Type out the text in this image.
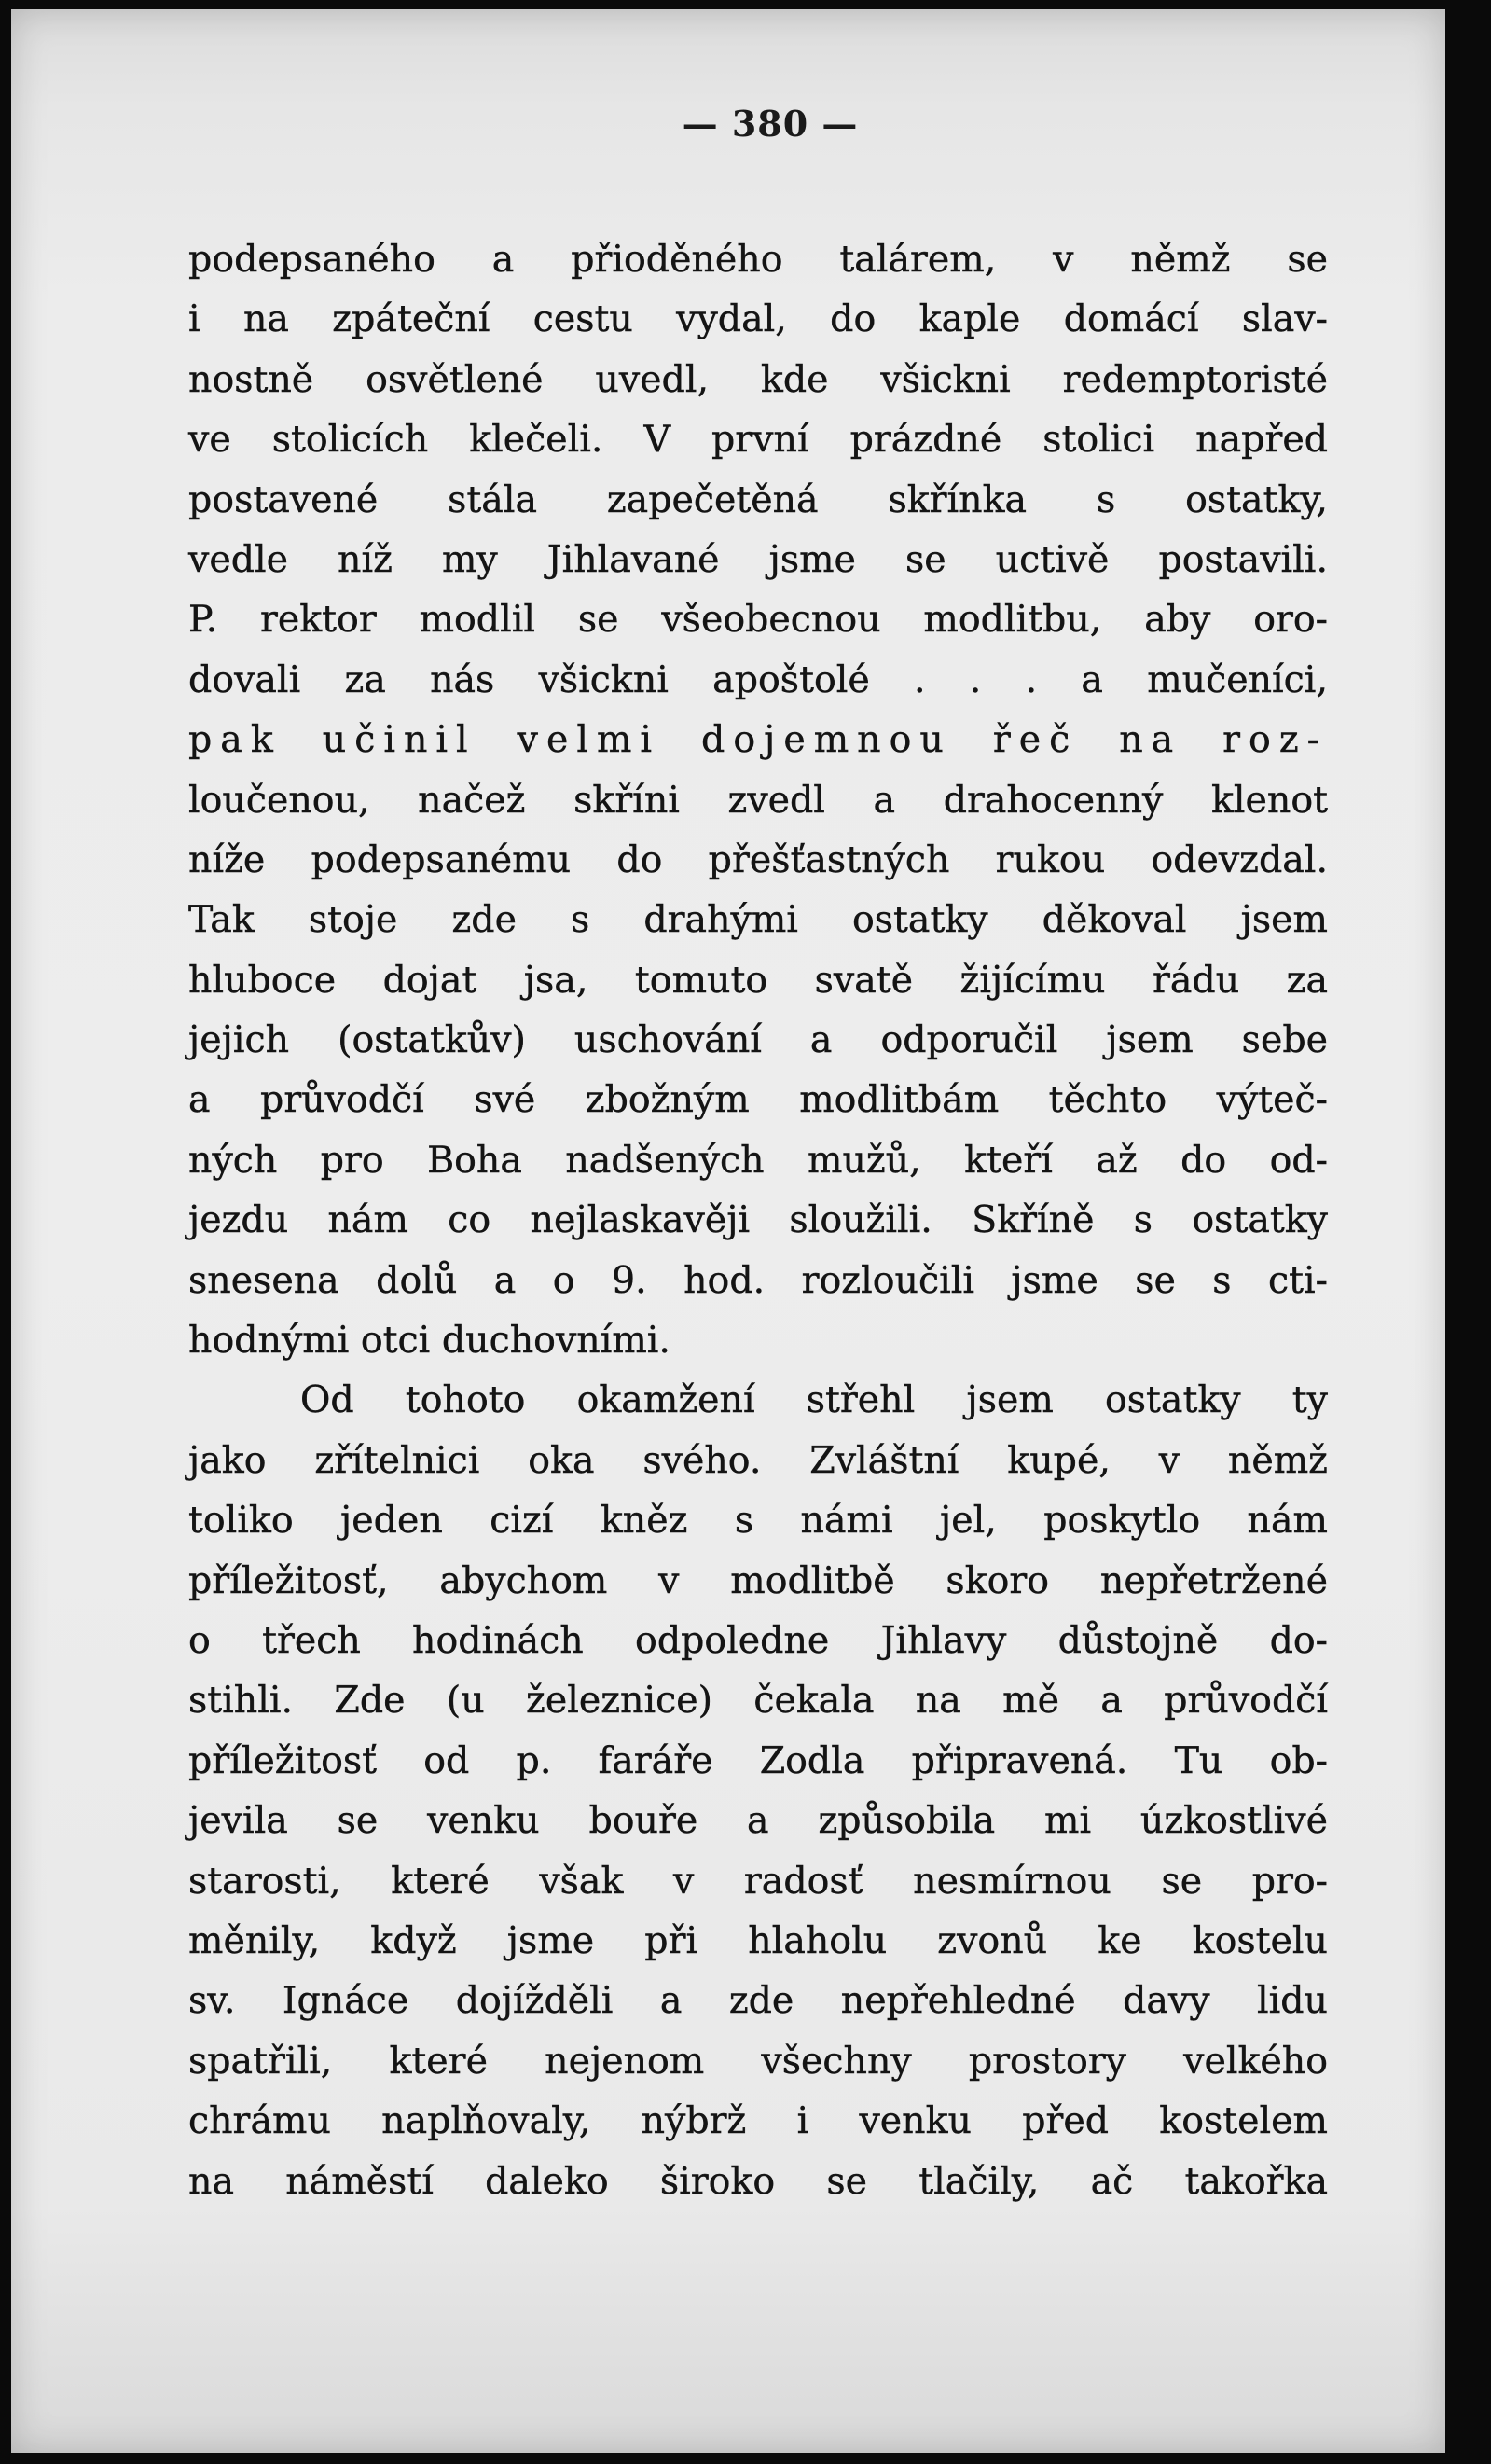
— 380 —
podepsaného a přioděného talárem, v němž se
i na zpáteční cestu vydal, do kaple domácí slav-
nostně osvětlené uvedl, kde všickni redemptoristé
ve stolicích klečeli. V první prázdné stolici napřed
postavené stála zapečetěná skřínka s ostatky,
vedle níž my Jihlavané jsme se uctivě postavili.
P. rektor modlil se všeobecnou modlitbu, aby oro-
dovali za nás všickni apoštolé . . . a mučeníci,
pak učinil velmi dojemnou řeč na roz-
loučenou, načež skříni zvedl a drahocenný klenot
níže podepsanému do přešťastných rukou odevzdal.
Tak stoje zde s drahými ostatky děkoval jsem
hluboce dojat jsa, tomuto svatě žijícímu řádu za
jejich (ostatkův) uschování a odporučil jsem sebe
a průvodčí své zbožným modlitbám těchto výteč-
ných pro Boha nadšených mužů, kteří až do od-
jezdu nám co nejlaskavěji sloužili. Skříně s ostatky
snesena dolů a o 9. hod. rozloučili jsme se s cti-
hodnými otci duchovními.
Od tohoto okamžení střehl jsem ostatky ty
jako zřítelnici oka svého. Zvláštní kupé, v němž
toliko jeden cizí kněz s námi jel, poskytlo nám
příležitosť, abychom v modlitbě skoro nepřetržené
o třech hodinách odpoledne Jihlavy důstojně do-
stihli. Zde (u železnice) čekala na mě a průvodčí
příležitosť od p. faráře Zodla připravená. Tu ob-
jevila se venku bouře a způsobila mi úzkostlivé
starosti, které však v radosť nesmírnou se pro-
měnily, když jsme při hlaholu zvonů ke kostelu
sv. Ignáce dojížděli a zde nepřehledné davy lidu
spatřili, které nejenom všechny prostory velkého
chrámu naplňovaly, nýbrž i venku před kostelem
na náměstí daleko široko se tlačily, ač takořka
